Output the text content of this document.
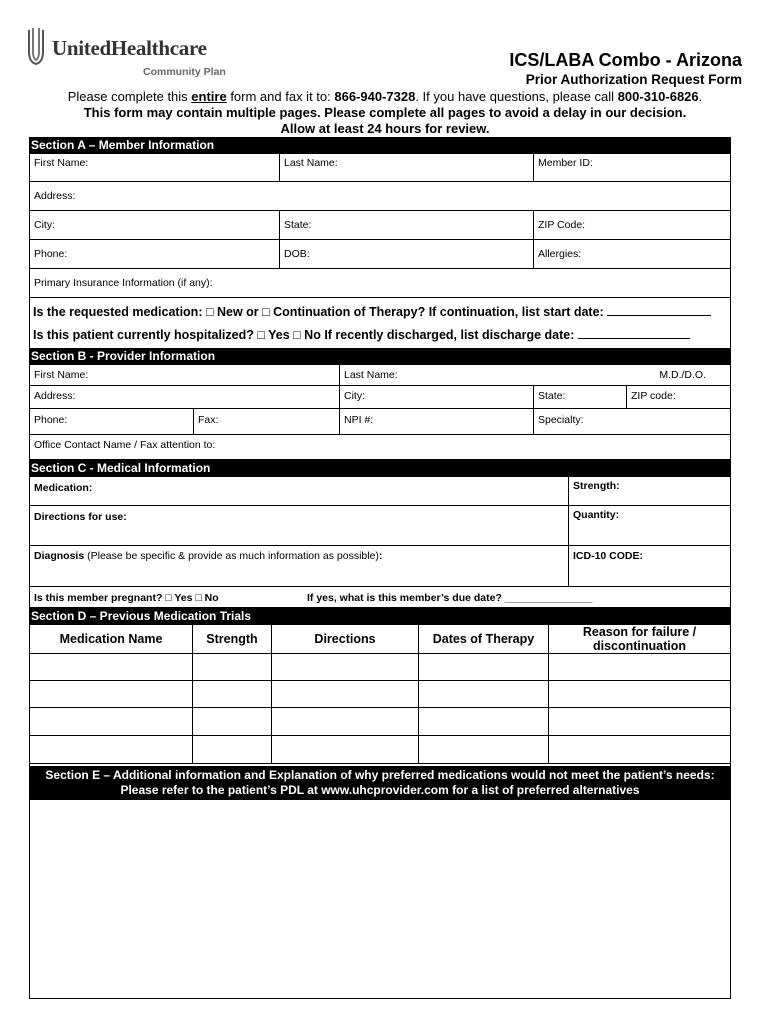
UnitedHealthcare
Community Plan
ICS/LABA Combo - Arizona
Prior Authorization Request Form
Please complete this entire form and fax it to: 866-940-7328. If you have questions, please call 800-310-6826.
This form may contain multiple pages. Please complete all pages to avoid a delay in our decision.
Allow at least 24 hours for review.
Section A – Member Information
First Name:	Last Name:	Member ID:
Address:
City:	State:	ZIP Code:
Phone:	DOB:	Allergies:
Primary Insurance Information (if any):
Is the requested medication: □ New or □ Continuation of Therapy? If continuation, list start date:
Is this patient currently hospitalized? □ Yes □ No If recently discharged, list discharge date:
Section B - Provider Information
First Name:	Last Name:	M.D./D.O.
Address:	City:	State:	ZIP code:
Phone:	Fax:	NPI #:	Specialty:
Office Contact Name / Fax attention to:
Section C - Medical Information
Medication:	Strength:
Directions for use:	Quantity:
Diagnosis (Please be specific & provide as much information as possible):	ICD-10 CODE:
Is this member pregnant? □ Yes □ No	If yes, what is this member’s due date? _______________
Section D – Previous Medication Trials
Medication Name	Strength	Directions	Dates of Therapy	Reason for failure / discontinuation
Section E – Additional information and Explanation of why preferred medications would not meet the patient’s needs:
Please refer to the patient’s PDL at www.uhcprovider.com for a list of preferred alternatives
